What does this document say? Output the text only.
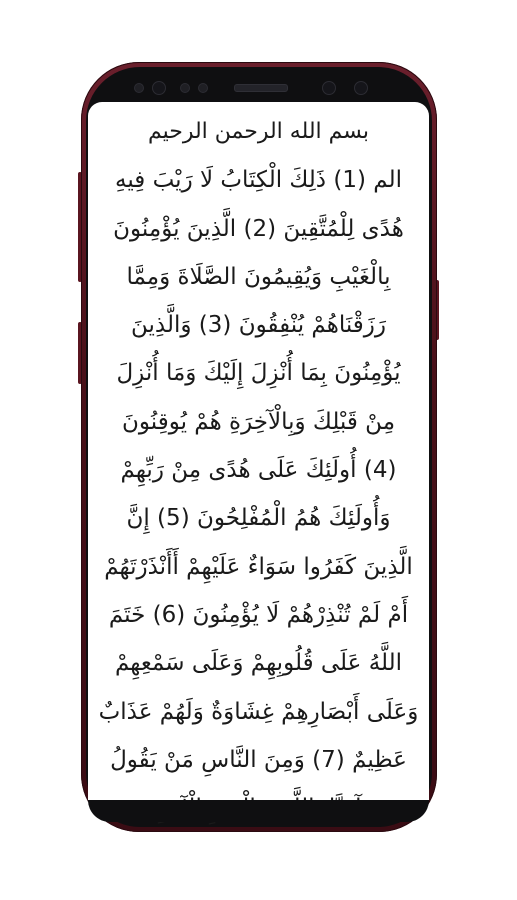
بسم الله الرحمن الرحيم
الم (1) ذَلِكَ الْكِتَابُ لَا رَيْبَ فِيهِ
هُدًى لِلْمُتَّقِينَ (2) الَّذِينَ يُؤْمِنُونَ
بِالْغَيْبِ وَيُقِيمُونَ الصَّلَاةَ وَمِمَّا
رَزَقْنَاهُمْ يُنْفِقُونَ (3) وَالَّذِينَ
يُؤْمِنُونَ بِمَا أُنْزِلَ إِلَيْكَ وَمَا أُنْزِلَ
مِنْ قَبْلِكَ وَبِالْآخِرَةِ هُمْ يُوقِنُونَ
(4) أُولَئِكَ عَلَى هُدًى مِنْ رَبِّهِمْ
وَأُولَئِكَ هُمُ الْمُفْلِحُونَ (5) إِنَّ
الَّذِينَ كَفَرُوا سَوَاءٌ عَلَيْهِمْ أَأَنْذَرْتَهُمْ
أَمْ لَمْ تُنْذِرْهُمْ لَا يُؤْمِنُونَ (6) خَتَمَ
اللَّهُ عَلَى قُلُوبِهِمْ وَعَلَى سَمْعِهِمْ
وَعَلَى أَبْصَارِهِمْ غِشَاوَةٌ وَلَهُمْ عَذَابٌ
عَظِيمٌ (7) وَمِنَ النَّاسِ مَنْ يَقُولُ
